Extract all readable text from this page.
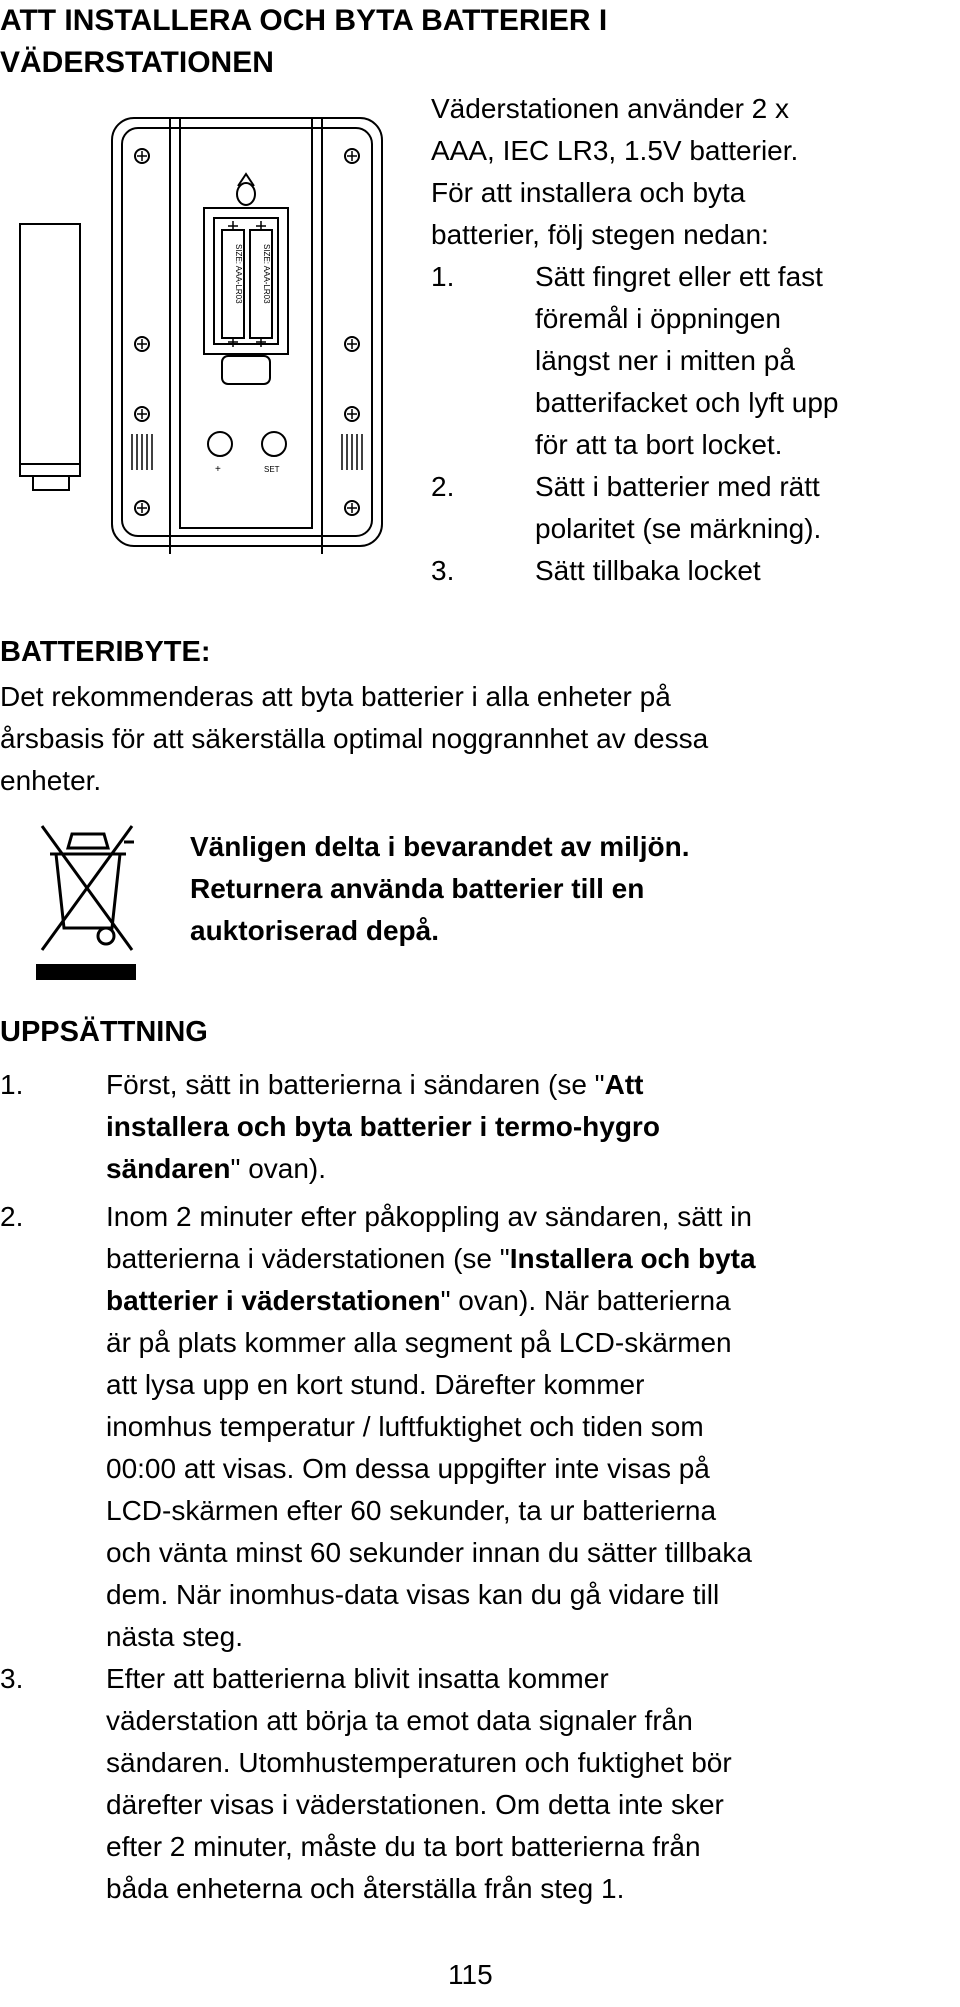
ATT INSTALLERA OCH BYTA BATTERIER I
VÄDERSTATIONEN
SIZE: AAA-LR03 SIZE: AAA-LR03
+	SET
Väderstationen använder 2 x
AAA, IEC LR3, 1.5V batterier.
För att installera och byta
batterier, följ stegen nedan:
1.	Sätt fingret eller ett fast
föremål i öppningen
längst ner i mitten på
batterifacket och lyft upp
för att ta bort locket.
2.	Sätt i batterier med rätt
polaritet (se märkning).
3.	Sätt tillbaka locket
BATTERIBYTE:
Det rekommenderas att byta batterier i alla enheter på
årsbasis för att säkerställa optimal noggrannhet av dessa
enheter.
Vänligen delta i bevarandet av miljön.
Returnera använda batterier till en
auktoriserad depå.
UPPSÄTTNING
1.	Först, sätt in batterierna i sändaren (se "Att
installera och byta batterier i termo-hygro
sändaren" ovan).
2.	Inom 2 minuter efter påkoppling av sändaren, sätt in
batterierna i väderstationen (se "Installera och byta
batterier i väderstationen" ovan). När batterierna
är på plats kommer alla segment på LCD-skärmen
att lysa upp en kort stund. Därefter kommer
inomhus temperatur / luftfuktighet och tiden som
00:00 att visas. Om dessa uppgifter inte visas på
LCD-skärmen efter 60 sekunder, ta ur batterierna
och vänta minst 60 sekunder innan du sätter tillbaka
dem. När inomhus-data visas kan du gå vidare till
nästa steg.
3.	Efter att batterierna blivit insatta kommer
väderstation att börja ta emot data signaler från
sändaren. Utomhustemperaturen och fuktighet bör
därefter visas i väderstationen. Om detta inte sker
efter 2 minuter, måste du ta bort batterierna från
båda enheterna och återställa från steg 1.
115
